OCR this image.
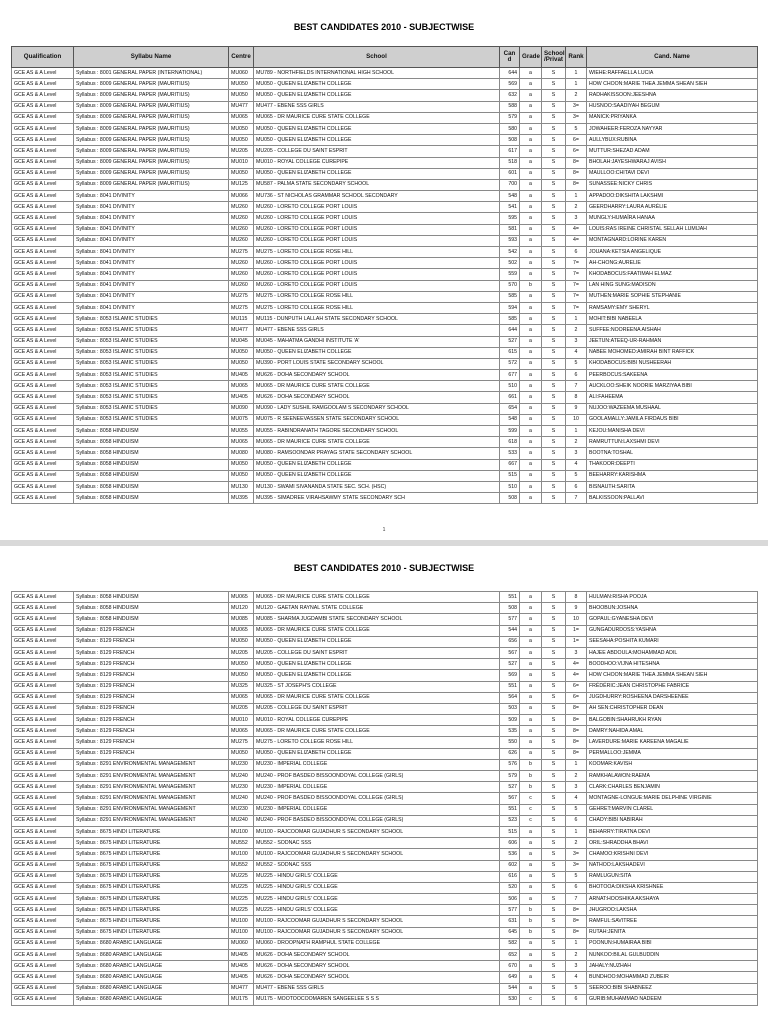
BEST CANDIDATES 2010 - SUBJECTWISE
Qualification	Syllabu Name	Centre	School	Can d	Grade	School /Privat	Rank	Cand. Name
GCE AS & A Level	Syllabus : 8001 GENERAL PAPER (INTERNATIONAL)	MU060	MU789 - NORTHFIELDS INTERNATIONAL HIGH SCHOOL	644	a	S	1	WIEHE:RAFFAELLA LUCIA
GCE AS & A Level	Syllabus : 8009 GENERAL PAPER (MAURITIUS)	MU050	MU050 - QUEEN ELIZABETH COLLEGE	569	a	S	1	HOW CHOON:MARIE THEA JEMMA SHEAN SIEH
GCE AS & A Level	Syllabus : 8009 GENERAL PAPER (MAURITIUS)	MU050	MU050 - QUEEN ELIZABETH COLLEGE	632	a	S	2	RADHAKISSOON:JEESHNA
GCE AS & A Level	Syllabus : 8009 GENERAL PAPER (MAURITIUS)	MU477	MU477 - EBENE SSS GIRLS	588	a	S	3=	HUSNOO:SAADIYAH BEGUM
GCE AS & A Level	Syllabus : 8009 GENERAL PAPER (MAURITIUS)	MU065	MU065 - DR MAURICE CURE STATE COLLEGE	579	a	S	3=	MANICK:PRIYANKA
GCE AS & A Level	Syllabus : 8009 GENERAL PAPER (MAURITIUS)	MU050	MU050 - QUEEN ELIZABETH COLLEGE	580	a	S	5	JOWAHEER:FEROZA NAYYAR
GCE AS & A Level	Syllabus : 8009 GENERAL PAPER (MAURITIUS)	MU050	MU050 - QUEEN ELIZABETH COLLEGE	508	a	S	6=	AULLYBUX:RUBINA
GCE AS & A Level	Syllabus : 8009 GENERAL PAPER (MAURITIUS)	MU205	MU205 - COLLEGE DU SAINT ESPRIT	617	a	S	6=	MUTTUR:SHEZAD ADAM
GCE AS & A Level	Syllabus : 8009 GENERAL PAPER (MAURITIUS)	MU010	MU010 - ROYAL COLLEGE CUREPIPE	518	a	S	8=	BHOLAH:JAYESHWARAJ AVISH
GCE AS & A Level	Syllabus : 8009 GENERAL PAPER (MAURITIUS)	MU050	MU050 - QUEEN ELIZABETH COLLEGE	601	a	S	8=	MAULLOO:CHITAVI DEVI
GCE AS & A Level	Syllabus : 8009 GENERAL PAPER (MAURITIUS)	MU125	MU587 - PALMA STATE SECONDARY SCHOOL	700	a	S	8=	SUNASSEE:NICKY CHRIS
GCE AS & A Level	Syllabus : 8041 DIVINITY	MU066	MU736 - ST NICHOLAS GRAMMAR SCHOOL SECONDARY	548	a	S	1	APPADOO:DIKSHITA LAKSHMI
GCE AS & A Level	Syllabus : 8041 DIVINITY	MU260	MU260 - LORETO COLLEGE PORT LOUIS	541	a	S	2	GEERDHARRY:LAURA AURÉLIE
GCE AS & A Level	Syllabus : 8041 DIVINITY	MU260	MU260 - LORETO COLLEGE PORT LOUIS	595	a	S	3	MUNGLY:HUMAÏRA HANAA
GCE AS & A Level	Syllabus : 8041 DIVINITY	MU260	MU260 - LORETO COLLEGE PORT LOUIS	581	a	S	4=	LOUIS:RAS IREINE CHRISTAL SELLAH LUMIJAH
GCE AS & A Level	Syllabus : 8041 DIVINITY	MU260	MU260 - LORETO COLLEGE PORT LOUIS	593	a	S	4=	MONTAGNARD:LORINE KAREN
GCE AS & A Level	Syllabus : 8041 DIVINITY	MU275	MU275 - LORETO COLLEGE ROSE HILL	542	a	S	6	JOUANA:KETSIA ANGELIQUE
GCE AS & A Level	Syllabus : 8041 DIVINITY	MU260	MU260 - LORETO COLLEGE PORT LOUIS	502	a	S	7=	AH-CHONG:AURELIE
GCE AS & A Level	Syllabus : 8041 DIVINITY	MU260	MU260 - LORETO COLLEGE PORT LOUIS	559	a	S	7=	KHODABOCUS:FAATIMAH ELMAZ
GCE AS & A Level	Syllabus : 8041 DIVINITY	MU260	MU260 - LORETO COLLEGE PORT LOUIS	570	b	S	7=	LAN HING SUNG:MADISON
GCE AS & A Level	Syllabus : 8041 DIVINITY	MU275	MU275 - LORETO COLLEGE ROSE HILL	585	a	S	7=	MUTHEN:MARIE SOPHIE STEPHANIE
GCE AS & A Level	Syllabus : 8041 DIVINITY	MU275	MU275 - LORETO COLLEGE ROSE HILL	594	a	S	7=	RAMSAMY:EMY SHERYL
GCE AS & A Level	Syllabus : 8053 ISLAMIC STUDIES	MU115	MU115 - DUNPUTH LALLAH STATE SECONDARY SCHOOL	585	a	S	1	MOHIT:BIBI NABEELA
GCE AS & A Level	Syllabus : 8053 ISLAMIC STUDIES	MU477	MU477 - EBENE SSS GIRLS	644	a	S	2	SUFFEE:NOOREENA AISHAH
GCE AS & A Level	Syllabus : 8053 ISLAMIC STUDIES	MU045	MU045 - MAHATMA GANDHI INSTITUTE 'A'	527	a	S	3	JEETUN:ATEEQ-UR-RAHMAN
GCE AS & A Level	Syllabus : 8053 ISLAMIC STUDIES	MU050	MU050 - QUEEN ELIZABETH COLLEGE	615	a	S	4	NABEE MOHOMED:AMIRAH BINT RAFFICK
GCE AS & A Level	Syllabus : 8053 ISLAMIC STUDIES	MU050	MU390 - PORT LOUIS STATE SECONDARY SCHOOL	572	a	S	5	KHODABOCUS:BIBI NUSHEERAH
GCE AS & A Level	Syllabus : 8053 ISLAMIC STUDIES	MU405	MU626 - DOHA SECONDARY SCHOOL	677	a	S	6	PEERBOCUS:SAKEENA
GCE AS & A Level	Syllabus : 8053 ISLAMIC STUDIES	MU065	MU065 - DR MAURICE CURE STATE COLLEGE	510	a	S	7	AUCKLOO:SHEIK NOORIE MARZIYAA BIBI
GCE AS & A Level	Syllabus : 8053 ISLAMIC STUDIES	MU405	MU626 - DOHA SECONDARY SCHOOL	661	a	S	8	ALI:FAHEEMA
GCE AS & A Level	Syllabus : 8053 ISLAMIC STUDIES	MU090	MU090 - LADY SUSHIL RAMGOOLAM S SECONDARY SCHOOL	654	a	S	9	NUJOO:WAZEEMA MUSHAAL
GCE AS & A Level	Syllabus : 8053 ISLAMIC STUDIES	MU075	MU075 - R SEENEEVASSEN STATE SECONDARY SCHOOL	548	a	S	10	GOOLAMALLY:JAMILA FIRDAUS BIBI
GCE AS & A Level	Syllabus : 8058 HINDUISM	MU055	MU055 - RABINDRANATH TAGORE SECONDARY SCHOOL	599	a	S	1	KEJOU:MANISHA DEVI
GCE AS & A Level	Syllabus : 8058 HINDUISM	MU065	MU065 - DR MAURICE CURE STATE COLLEGE	618	a	S	2	RAMRUTTUN:LAXSHMI DEVI
GCE AS & A Level	Syllabus : 8058 HINDUISM	MU080	MU080 - RAMSOONDAR PRAYAG STATE SECONDARY SCHOOL	533	a	S	3	BOOTNA:TOSHAL
GCE AS & A Level	Syllabus : 8058 HINDUISM	MU050	MU050 - QUEEN ELIZABETH COLLEGE	667	a	S	4	THAKOOR:DEEPTI
GCE AS & A Level	Syllabus : 8058 HINDUISM	MU050	MU050 - QUEEN ELIZABETH COLLEGE	515	a	S	5	BEEHARRY:KARISHMA
GCE AS & A Level	Syllabus : 8058 HINDUISM	MU130	MU130 - SWAMI SIVANANDA STATE SEC. SCH. (HSC)	510	a	S	6	BISNAUTH:SARITA
GCE AS & A Level	Syllabus : 8058 HINDUISM	MU395	MU395 - SIMADREE VIRAHSAWMY STATE SECONDARY SCH	508	a	S	7	BALKISSOON:PALLAVI
1
BEST CANDIDATES 2010 - SUBJECTWISE
GCE AS & A Level	Syllabus : 8058 HINDUISM	MU065	MU065 - DR MAURICE CURE STATE COLLEGE	551	a	S	8	HULMAN:RISHA POOJA
GCE AS & A Level	Syllabus : 8058 HINDUISM	MU120	MU120 - GAETAN RAYNAL STATE COLLEGE	508	a	S	9	BHOOBUN:JOSHNA
GCE AS & A Level	Syllabus : 8058 HINDUISM	MU085	MU085 - SHARMA JUGDAMBI STATE SECONDARY SCHOOL	577	a	S	10	GOPAUL:GYANESHA DEVI
GCE AS & A Level	Syllabus : 8129 FRENCH	MU065	MU065 - DR MAURICE CURE STATE COLLEGE	544	a	S	1=	GUNGADURDOSS:YASHNA
GCE AS & A Level	Syllabus : 8129 FRENCH	MU050	MU050 - QUEEN ELIZABETH COLLEGE	656	a	S	1=	SEESAHA:POSHITA KUMARI
GCE AS & A Level	Syllabus : 8129 FRENCH	MU205	MU205 - COLLEGE DU SAINT ESPRIT	567	a	S	3	HAJEE ABDOULA:MOHAMMAD ADIL
GCE AS & A Level	Syllabus : 8129 FRENCH	MU050	MU050 - QUEEN ELIZABETH COLLEGE	527	a	S	4=	BOODHOO:VIJNA HITESHNA
GCE AS & A Level	Syllabus : 8129 FRENCH	MU050	MU050 - QUEEN ELIZABETH COLLEGE	569	a	S	4=	HOW CHOON:MARIE THEA JEMMA SHEAN SIEH
GCE AS & A Level	Syllabus : 8129 FRENCH	MU325	MU325 - ST JOSEPH'S COLLEGE	551	a	S	6=	FRÉDÉRIC:JEAN CHRISTOPHE FABRICE
GCE AS & A Level	Syllabus : 8129 FRENCH	MU065	MU065 - DR MAURICE CURE STATE COLLEGE	564	a	S	6=	JUGDHURRY:ROSHEENA DARSHEENEE
GCE AS & A Level	Syllabus : 8129 FRENCH	MU205	MU205 - COLLEGE DU SAINT ESPRIT	503	a	S	8=	AH SEN:CHRISTOPHER DEAN
GCE AS & A Level	Syllabus : 8129 FRENCH	MU010	MU010 - ROYAL COLLEGE CUREPIPE	509	a	S	8=	BALGOBIN:SHAHRUKH RYAN
GCE AS & A Level	Syllabus : 8129 FRENCH	MU065	MU065 - DR MAURICE CURE STATE COLLEGE	535	a	S	8=	DAMRY:NAHIDA AMAL
GCE AS & A Level	Syllabus : 8129 FRENCH	MU275	MU275 - LORETO COLLEGE ROSE HILL	550	a	S	8=	LAVERDURE:MARIE KAREENA MAGALIE
GCE AS & A Level	Syllabus : 8129 FRENCH	MU050	MU050 - QUEEN ELIZABETH COLLEGE	626	a	S	8=	PERMALLOO:JEMMA
GCE AS & A Level	Syllabus : 8291 ENVIRONMENTAL MANAGEMENT	MU230	MU230 - IMPERIAL COLLEGE	576	b	S	1	KOOMAR:KAVISH
GCE AS & A Level	Syllabus : 8291 ENVIRONMENTAL MANAGEMENT	MU240	MU240 - PROF BASDEO BISSOONDOYAL COLLEGE (GIRLS)	579	b	S	2	RAMKHALAWON:RAEMA
GCE AS & A Level	Syllabus : 8291 ENVIRONMENTAL MANAGEMENT	MU230	MU230 - IMPERIAL COLLEGE	527	b	S	3	CLARK:CHARLES BENJAMIN
GCE AS & A Level	Syllabus : 8291 ENVIRONMENTAL MANAGEMENT	MU240	MU240 - PROF BASDEO BISSOONDOYAL COLLEGE (GIRLS)	567	c	S	4	MONTAGNE-LONGUE:MARIE DELPHINE VIRGINIE
GCE AS & A Level	Syllabus : 8291 ENVIRONMENTAL MANAGEMENT	MU230	MU230 - IMPERIAL COLLEGE	551	c	S	5	GEHRET:MARVIN CLAREL
GCE AS & A Level	Syllabus : 8291 ENVIRONMENTAL MANAGEMENT	MU240	MU240 - PROF BASDEO BISSOONDOYAL COLLEGE (GIRLS)	523	c	S	6	CHADY:BIBI NABIRAH
GCE AS & A Level	Syllabus : 8675 HINDI LITERATURE	MU100	MU100 - RAJCOOMAR GUJADHUR S SECONDARY SCHOOL	515	a	S	1	BEHARRY:TIRATNA DEVI
GCE AS & A Level	Syllabus : 8675 HINDI LITERATURE	MU552	MU552 - SODNAC SSS	606	a	S	2	ORIL:SHRADDHA BHAVI
GCE AS & A Level	Syllabus : 8675 HINDI LITERATURE	MU100	MU100 - RAJCOOMAR GUJADHUR S SECONDARY SCHOOL	536	a	S	3=	CHAMOO:KRISHNI DEVI
GCE AS & A Level	Syllabus : 8675 HINDI LITERATURE	MU552	MU552 - SODNAC SSS	602	a	S	3=	NATHOO:LAKSHADEVI
GCE AS & A Level	Syllabus : 8675 HINDI LITERATURE	MU225	MU225 - HINDU GIRLS' COLLEGE	616	a	S	5	RAMLUGUN:SITA
GCE AS & A Level	Syllabus : 8675 HINDI LITERATURE	MU225	MU225 - HINDU GIRLS' COLLEGE	520	a	S	6	BHOTOOA:DIKSHA KRISHNEE
GCE AS & A Level	Syllabus : 8675 HINDI LITERATURE	MU225	MU225 - HINDU GIRLS' COLLEGE	506	a	S	7	ARNAT:HOOSHIKA AKSHAYA
GCE AS & A Level	Syllabus : 8675 HINDI LITERATURE	MU225	MU225 - HINDU GIRLS' COLLEGE	577	b	S	8=	JHUGROO:LAKSHA
GCE AS & A Level	Syllabus : 8675 HINDI LITERATURE	MU100	MU100 - RAJCOOMAR GUJADHUR S SECONDARY SCHOOL	631	b	S	8=	RAMFUL:SAVITREE
GCE AS & A Level	Syllabus : 8675 HINDI LITERATURE	MU100	MU100 - RAJCOOMAR GUJADHUR S SECONDARY SCHOOL	645	b	S	8=	RUTAH:JENITA
GCE AS & A Level	Syllabus : 8680 ARABIC LANGUAGE	MU060	MU060 - DROOPNATH RAMPHUL STATE COLLEGE	582	a	S	1	POONUN:HUMAIRAA BIBI
GCE AS & A Level	Syllabus : 8680 ARABIC LANGUAGE	MU405	MU626 - DOHA SECONDARY SCHOOL	652	a	S	2	NUNKOO:BILAL GULBUDDIN
GCE AS & A Level	Syllabus : 8680 ARABIC LANGUAGE	MU405	MU626 - DOHA SECONDARY SCHOOL	670	a	S	3	JAHALY:NUZHAH
GCE AS & A Level	Syllabus : 8680 ARABIC LANGUAGE	MU405	MU626 - DOHA SECONDARY SCHOOL	649	a	S	4	BUNDHOO:MOHAMMAD ZUBEIR
GCE AS & A Level	Syllabus : 8680 ARABIC LANGUAGE	MU477	MU477 - EBENE SSS GIRLS	544	a	S	5	SEEROO:BIBI SHABNEEZ
GCE AS & A Level	Syllabus : 8680 ARABIC LANGUAGE	MU175	MU175 - MOOTOOCOOMAREN SANGEELEE S S S	530	c	S	6	GURIB:MUHAMMAD NADEEM
